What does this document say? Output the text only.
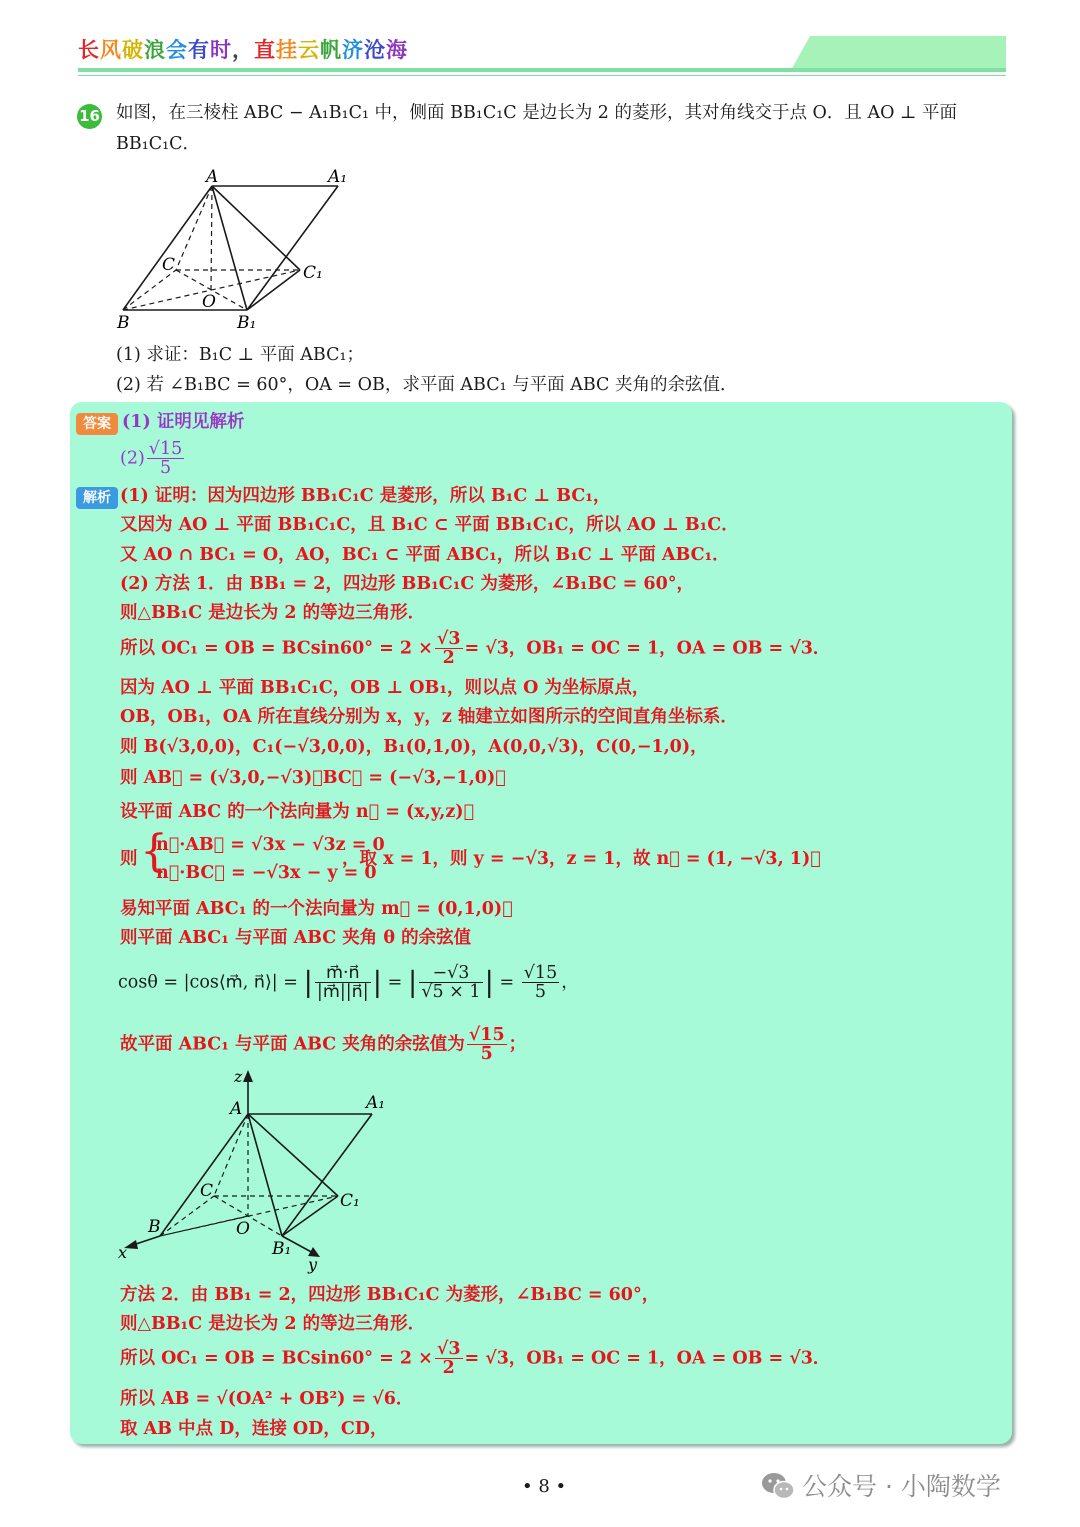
长风破浪会有时，直挂云帆济沧海
16 如图，在三棱柱 ABC − A₁B₁C₁ 中，侧面 BB₁C₁C 是边长为 2 的菱形，其对角线交于点 O．且 AO ⊥ 平面
BB₁C₁C．
A	A₁
C	C₁
O
B	B₁
(1) 求证：B₁C ⊥ 平面 ABC₁；
(2) 若 ∠B₁BC = 60°，OA = OB，求平面 ABC₁ 与平面 ABC 夹角的余弦值．
答案 (1) 证明见解析
$(2) \frac{√15}{5}$
解析 (1) 证明：因为四边形 BB₁C₁C 是菱形，所以 B₁C ⊥ BC₁，
又因为 AO ⊥ 平面 BB₁C₁C，且 B₁C ⊂ 平面 BB₁C₁C，所以 AO ⊥ B₁C．
又 AO ∩ BC₁ = O，AO，BC₁ ⊂ 平面 ABC₁，所以 B₁C ⊥ 平面 ABC₁．
(2) 方法 1．由 BB₁ = 2，四边形 BB₁C₁C 为菱形，∠B₁BC = 60°，
则△BB₁C 是边长为 2 的等边三角形．
所以 OC₁ = OB = $BCsin60^\circ = 2 \times \frac{√3}{2} = √3$，OB₁ = OC = 1，OA = OB = √3．
因为 AO ⊥ 平面 BB₁C₁C，OB ⊥ OB₁，则以点 O 为坐标原点，
OB，OB₁，OA 所在直线分别为 x，y，z 轴建立如图所示的空间直角坐标系．
则 B(√3,0,0)，C₁(−√3,0,0)，B₁(0,1,0)，A(0,0,√3)，C(0,−1,0)，
则 AB⃗ = (√3,0,−√3)，BC⃗ = (−√3,−1,0)，
设平面 ABC 的一个法向量为 n⃗ = (x,y,z)，
则 {
n⃗·AB⃗ = √3x − √3z = 0
n⃗·BC⃗ = −√3x − y = 0
，取 x = 1，则 y = −√3，z = 1，故 n⃗ = (1, −√3, 1)，
易知平面 ABC₁ 的一个法向量为 m⃗ = (0,1,0)，
则平面 ABC₁ 与平面 ABC 夹角 θ 的余弦值
cosθ = |cos⟨m⃗, n⃗⟩| = | $\frac{m⃗\cdot n⃗}{|m⃗||n⃗|}$ | = | $\frac{-√3}{√5 \times 1}$ | = $\frac{√15}{5}$ ，
故平面 ABC₁ 与平面 ABC 夹角的余弦值为 $\frac{√15}{5}$ ；
z
A	A₁
C	C₁
O
B
B₁
x
y
方法 2．由 BB₁ = 2，四边形 BB₁C₁C 为菱形，∠B₁BC = 60°，
则△BB₁C 是边长为 2 的等边三角形．
所以 OC₁ = OB = $BCsin60^\circ = 2 \times \frac{√3}{2} = √3$，OB₁ = OC = 1，OA = OB = √3．
所以 AB = √(OA² + OB²) = √6．
取 AB 中点 D，连接 OD，CD，
• 8 •	公众号 · 小陶数学
